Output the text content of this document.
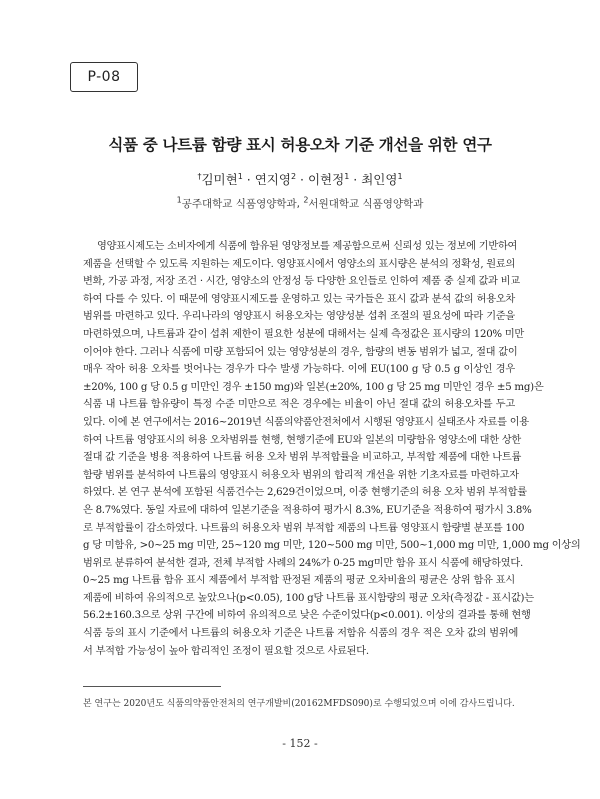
P-08
식품 중 나트륨 함량 표시 허용오차 기준 개선을 위한 연구
†김미현$^1$ · 연지영$^2$ · 이현정$^1$ · 최인영$^1$
$^1$공주대학교 식품영양학과, $^2$서원대학교 식품영양학과
영양표시제도는 소비자에게 식품에 함유된 영양정보를 제공함으로써 신뢰성 있는 정보에 기반하여
제품을 선택할 수 있도록 지원하는 제도이다. 영양표시에서 영양소의 표시량은 분석의 정확성, 원료의
변화, 가공 과정, 저장 조건 · 시간, 영양소의 안정성 등 다양한 요인들로 인하여 제품 중 실제 값과 비교
하여 다를 수 있다. 이 때문에 영양표시제도를 운영하고 있는 국가들은 표시 값과 분석 값의 허용오차
범위를 마련하고 있다. 우리나라의 영양표시 허용오차는 영양성분 섭취 조절의 필요성에 따라 기준을
마련하였으며, 나트륨과 같이 섭취 제한이 필요한 성분에 대해서는 실제 측정값은 표시량의 120% 미만
이어야 한다. 그러나 식품에 미량 포함되어 있는 영양성분의 경우, 함량의 변동 범위가 넓고, 절대 값이
매우 작아 허용 오차를 벗어나는 경우가 다수 발생 가능하다. 이에 EU(100 g 당 0.5 g 이상인 경우
±20%, 100 g 당 0.5 g 미만인 경우 ±150 mg)와 일본(±20%, 100 g 당 25 mg 미만인 경우 ±5 mg)은
식품 내 나트륨 함유량이 특정 수준 미만으로 적은 경우에는 비율이 아닌 절대 값의 허용오차를 두고
있다. 이에 본 연구에서는 2016~2019년 식품의약품안전처에서 시행된 영양표시 실태조사 자료를 이용
하여 나트륨 영양표시의 허용 오차범위를 현행, 현행기준에 EU와 일본의 미량함유 영양소에 대한 상한
절대 값 기준을 병용 적용하여 나트륨 허용 오차 범위 부적합률을 비교하고, 부적합 제품에 대한 나트륨
함량 범위를 분석하여 나트륨의 영양표시 허용오차 범위의 합리적 개선을 위한 기초자료를 마련하고자
하였다. 본 연구 분석에 포함된 식품건수는 2,629건이었으며, 이중 현행기준의 허용 오차 범위 부적합률
은 8.7%였다. 동일 자료에 대하여 일본기준을 적용하여 평가시 8.3%, EU기준을 적용하여 평가시 3.8%
로 부적합률이 감소하였다. 나트륨의 허용오차 범위 부적합 제품의 나트륨 영양표시 함량별 분포를 100
g 당 미함유, >0~25 mg 미만, 25~120 mg 미만, 120~500 mg 미만, 500~1,000 mg 미만, 1,000 mg 이상의
범위로 분류하여 분석한 결과, 전체 부적합 사례의 24%가 0-25 mg미만 함유 표시 식품에 해당하였다.
0~25 mg 나트륨 함유 표시 제품에서 부적합 판정된 제품의 평균 오차비율의 평균은 상위 함유 표시
제품에 비하여 유의적으로 높았으나(p<0.05), 100 g당 나트륨 표시함량의 평균 오차(측정값 - 표시값)는
56.2±160.3으로 상위 구간에 비하여 유의적으로 낮은 수준이었다(p<0.001). 이상의 결과를 통해 현행
식품 등의 표시 기준에서 나트륨의 허용오차 기준은 나트륨 저함유 식품의 경우 적은 오차 값의 범위에
서 부적합 가능성이 높아 합리적인 조정이 필요할 것으로 사료된다.
본 연구는 2020년도 식품의약품안전처의 연구개발비(20162MFDS090)로 수행되었으며 이에 감사드립니다.
- 152 -
